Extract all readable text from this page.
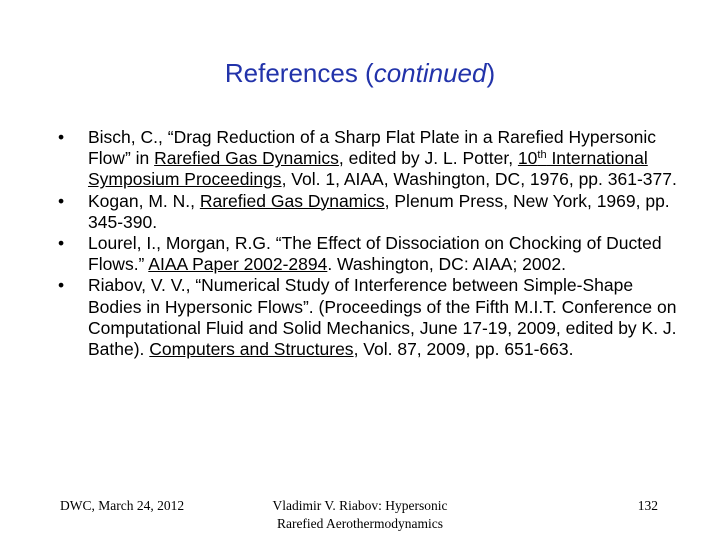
References (continued)
• Bisch, C., “Drag Reduction of a Sharp Flat Plate in a Rarefied Hypersonic Flow” in Rarefied Gas Dynamics, edited by J. L. Potter, 10th International Symposium Proceedings, Vol. 1, AIAA, Washington, DC, 1976, pp. 361-377.
• Kogan, M. N., Rarefied Gas Dynamics, Plenum Press, New York, 1969, pp. 345-390.
• Lourel, I., Morgan, R.G. “The Effect of Dissociation on Chocking of Ducted Flows.” AIAA Paper 2002-2894. Washington, DC: AIAA; 2002.
• Riabov, V. V., “Numerical Study of Interference between Simple-Shape Bodies in Hypersonic Flows”. (Proceedings of the Fifth M.I.T. Conference on Computational Fluid and Solid Mechanics, June 17-19, 2009, edited by K. J. Bathe). Computers and Structures, Vol. 87, 2009, pp. 651-663.
DWC, March 24, 2012	Vladimir V. Riabov: Hypersonic
Rarefied Aerothermodynamics
132
